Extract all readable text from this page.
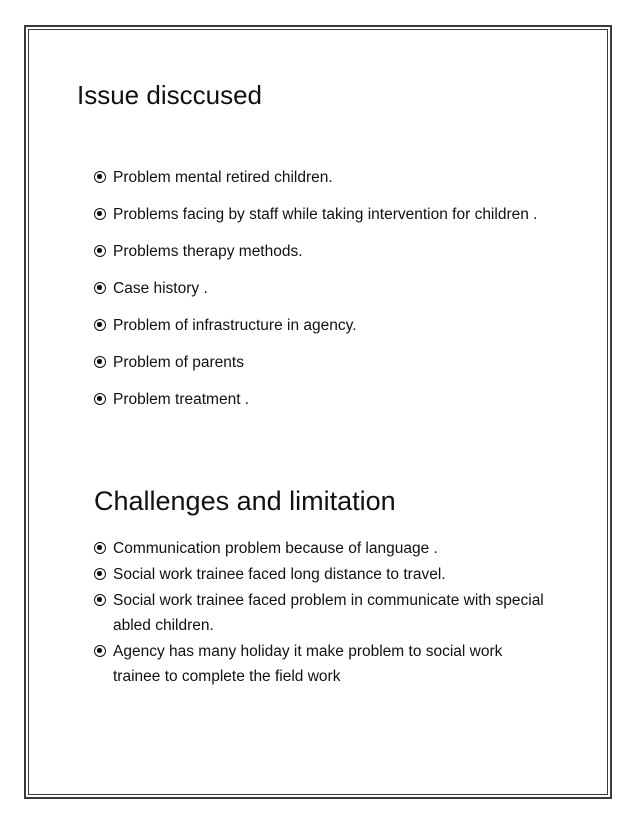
Issue disccused
Problem mental retired children.
Problems facing by staff while taking intervention for children .
Problems therapy methods.
Case history .
Problem of infrastructure in agency.
Problem of parents
Problem treatment .
Challenges and limitation
Communication problem because of language .
Social work trainee faced long distance to travel.
Social work trainee faced problem in communicate with special abled children.
Agency has many holiday it make problem to social work trainee to complete the field work
